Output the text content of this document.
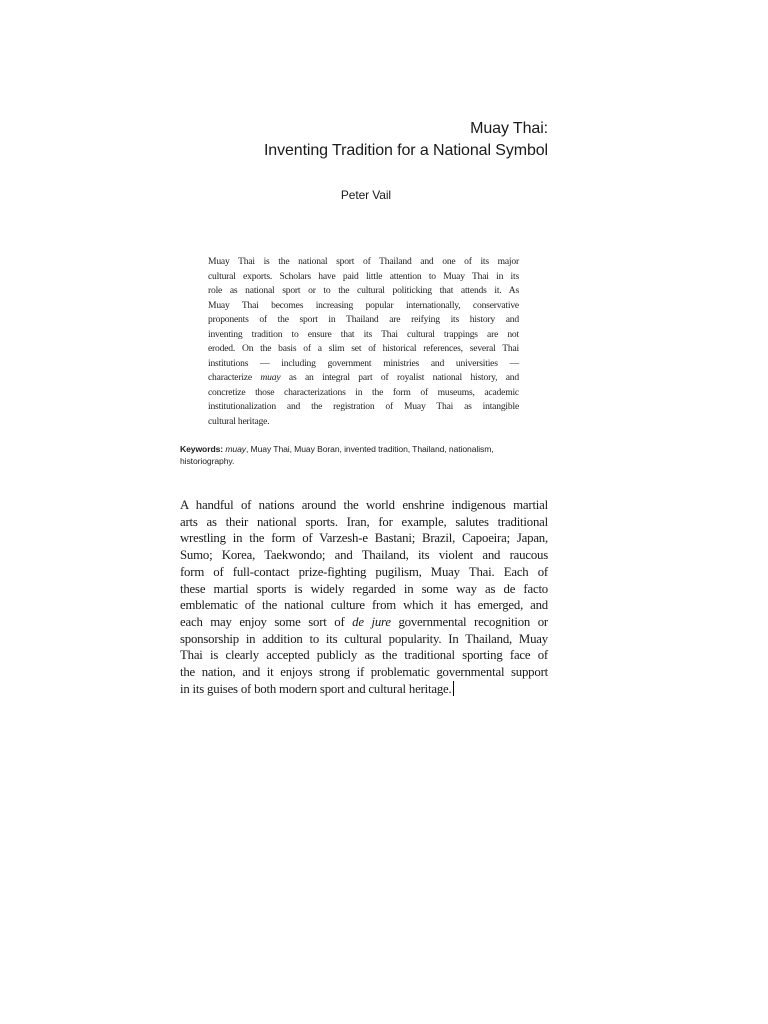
Muay Thai:
Inventing Tradition for a National Symbol
Peter Vail
Muay Thai is the national sport of Thailand and one of its major
cultural exports. Scholars have paid little attention to Muay Thai in its
role as national sport or to the cultural politicking that attends it. As
Muay Thai becomes increasing popular internationally, conservative
proponents of the sport in Thailand are reifying its history and
inventing tradition to ensure that its Thai cultural trappings are not
eroded. On the basis of a slim set of historical references, several Thai
institutions — including government ministries and universities —
characterize muay as an integral part of royalist national history, and
concretize those characterizations in the form of museums, academic
institutionalization and the registration of Muay Thai as intangible
cultural heritage.
Keywords: muay, Muay Thai, Muay Boran, invented tradition, Thailand, nationalism,
historiography.
A handful of nations around the world enshrine indigenous martial
arts as their national sports. Iran, for example, salutes traditional
wrestling in the form of Varzesh-e Bastani; Brazil, Capoeira; Japan,
Sumo; Korea, Taekwondo; and Thailand, its violent and raucous
form of full-contact prize-fighting pugilism, Muay Thai. Each of
these martial sports is widely regarded in some way as de facto
emblematic of the national culture from which it has emerged, and
each may enjoy some sort of de jure governmental recognition or
sponsorship in addition to its cultural popularity. In Thailand, Muay
Thai is clearly accepted publicly as the traditional sporting face of
the nation, and it enjoys strong if problematic governmental support
in its guises of both modern sport and cultural heritage.
